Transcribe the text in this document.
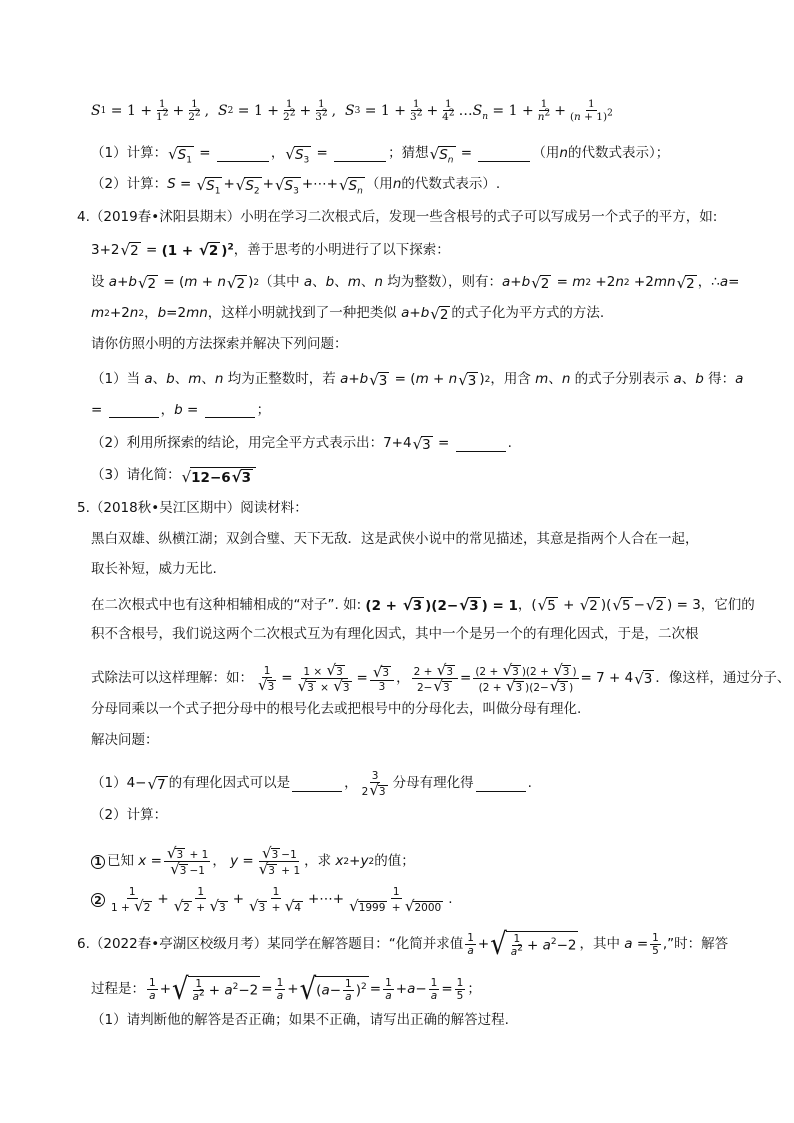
S 1 = 1 + 1
$1^2 + 1$
$2^2$ , S 2 = 1 + 1
$2^2 + 1$
$3^2$ , S 3 = 1 + 1
$3^2 + 1$
$4^2$ … $S_n = 1 + 1$
$n^2 + 1$
$(n + 1)^2$
（1）计算： √ $S_1$ =	， √ $S_3$ =	；猜想 √ $S_n$ =	（用 n 的代数式表示）；
（2）计算： S = √ $S_1$ + √ $S_2$ + √ $S_3$ +⋯+ √ $S_n$ （用 n 的代数式表示）.
4.（2019春•沭阳县期末）小明在学习二次根式后，发现一些含根号的式子可以写成另一个式子的平方，如:
3+2 √ 2 = (1 + √ 2 )$^2$ ，善于思考的小明进行了以下探索：
设 a + b √ 2 = ( m + n √ 2 ) 2 （其中 a 、 b 、 m 、 n 均为整数），则有： a + b √ 2 = m 2 +2 n 2 +2 mn √ 2 ，∴ a =
m 2 +2 n 2 ， b =2 mn ，这样小明就找到了一种把类似 a + b √ 2 的式子化为平方式的方法.
请你仿照小明的方法探索并解决下列问题：
（1）当 a 、 b 、 m 、 n 均为正整数时，若 a + b √ 3 = ( m + n √ 3 ) 2 ，用含 m 、 n 的式子分别表示 a 、 b 得： a
=	， b =	；
（2）利用所探索的结论，用完全平方式表示出：7+4 √ 3 =	.
（3）请化简： √ 12−6 √ 3
5.（2018秋•吴江区期中）阅读材料：
黑白双雄、纵横江湖；双剑合璧、天下无敌．这是武侠小说中的常见描述，其意是指两个人合在一起，
取长补短，威力无比.
在二次根式中也有这种相辅相成的“对子”. 如: (2 + √ 3 )(2− √ 3 ) = 1 ，( √ 5 + √ 2 )( √ 5 − √ 2 ) = 3，它们的
积不含根号，我们说这两个二次根式互为有理化因式，其中一个是另一个的有理化因式，于是，二次根
式除法可以这样理解：如： 1
√ 3
= 1 × √ 3
√ 3 × √ 3
= √ 3
3
， 2 + √ 3
2− √ 3
= (2 + √ 3 )(2 + √ 3 )
(2 + √ 3 )(2− √ 3 )
= 7 + 4 √ 3 ．像这样，通过分子、
分母同乘以一个式子把分母中的根号化去或把根号中的分母化去，叫做分母有理化.
解决问题：
（1）4− √ 7 的有理化因式可以是	， 3
2 √ 3
分母有理化得	.
（2）计算：
1 已知 x = √ 3 + 1
√ 3 −1
， y = √ 3 −1
√ 3 + 1
，求 x 2 + y 2 的值；
2
1
1 + √ 2
+	1
√ 2 + √ 3
+	1
√ 3 + √ 4
+⋯+	1
√ 1999 + √ 2000
.
6.（2022春•亭湖区校级月考）某同学在解答题目：“化简并求值 1
a + √ $\frac{1}{a^2} + a^2-2$ ，其中 a = 1
5 ,”时：解答
过程是： 1
a + √ $\frac{1}{a^2} + a^2-2 = 1$
a + √ $(a- \frac{1}{a} )^2 = 1$
a + a − 1
a = 1
5 ；
（1）请判断他的解答是否正确；如果不正确，请写出正确的解答过程.
